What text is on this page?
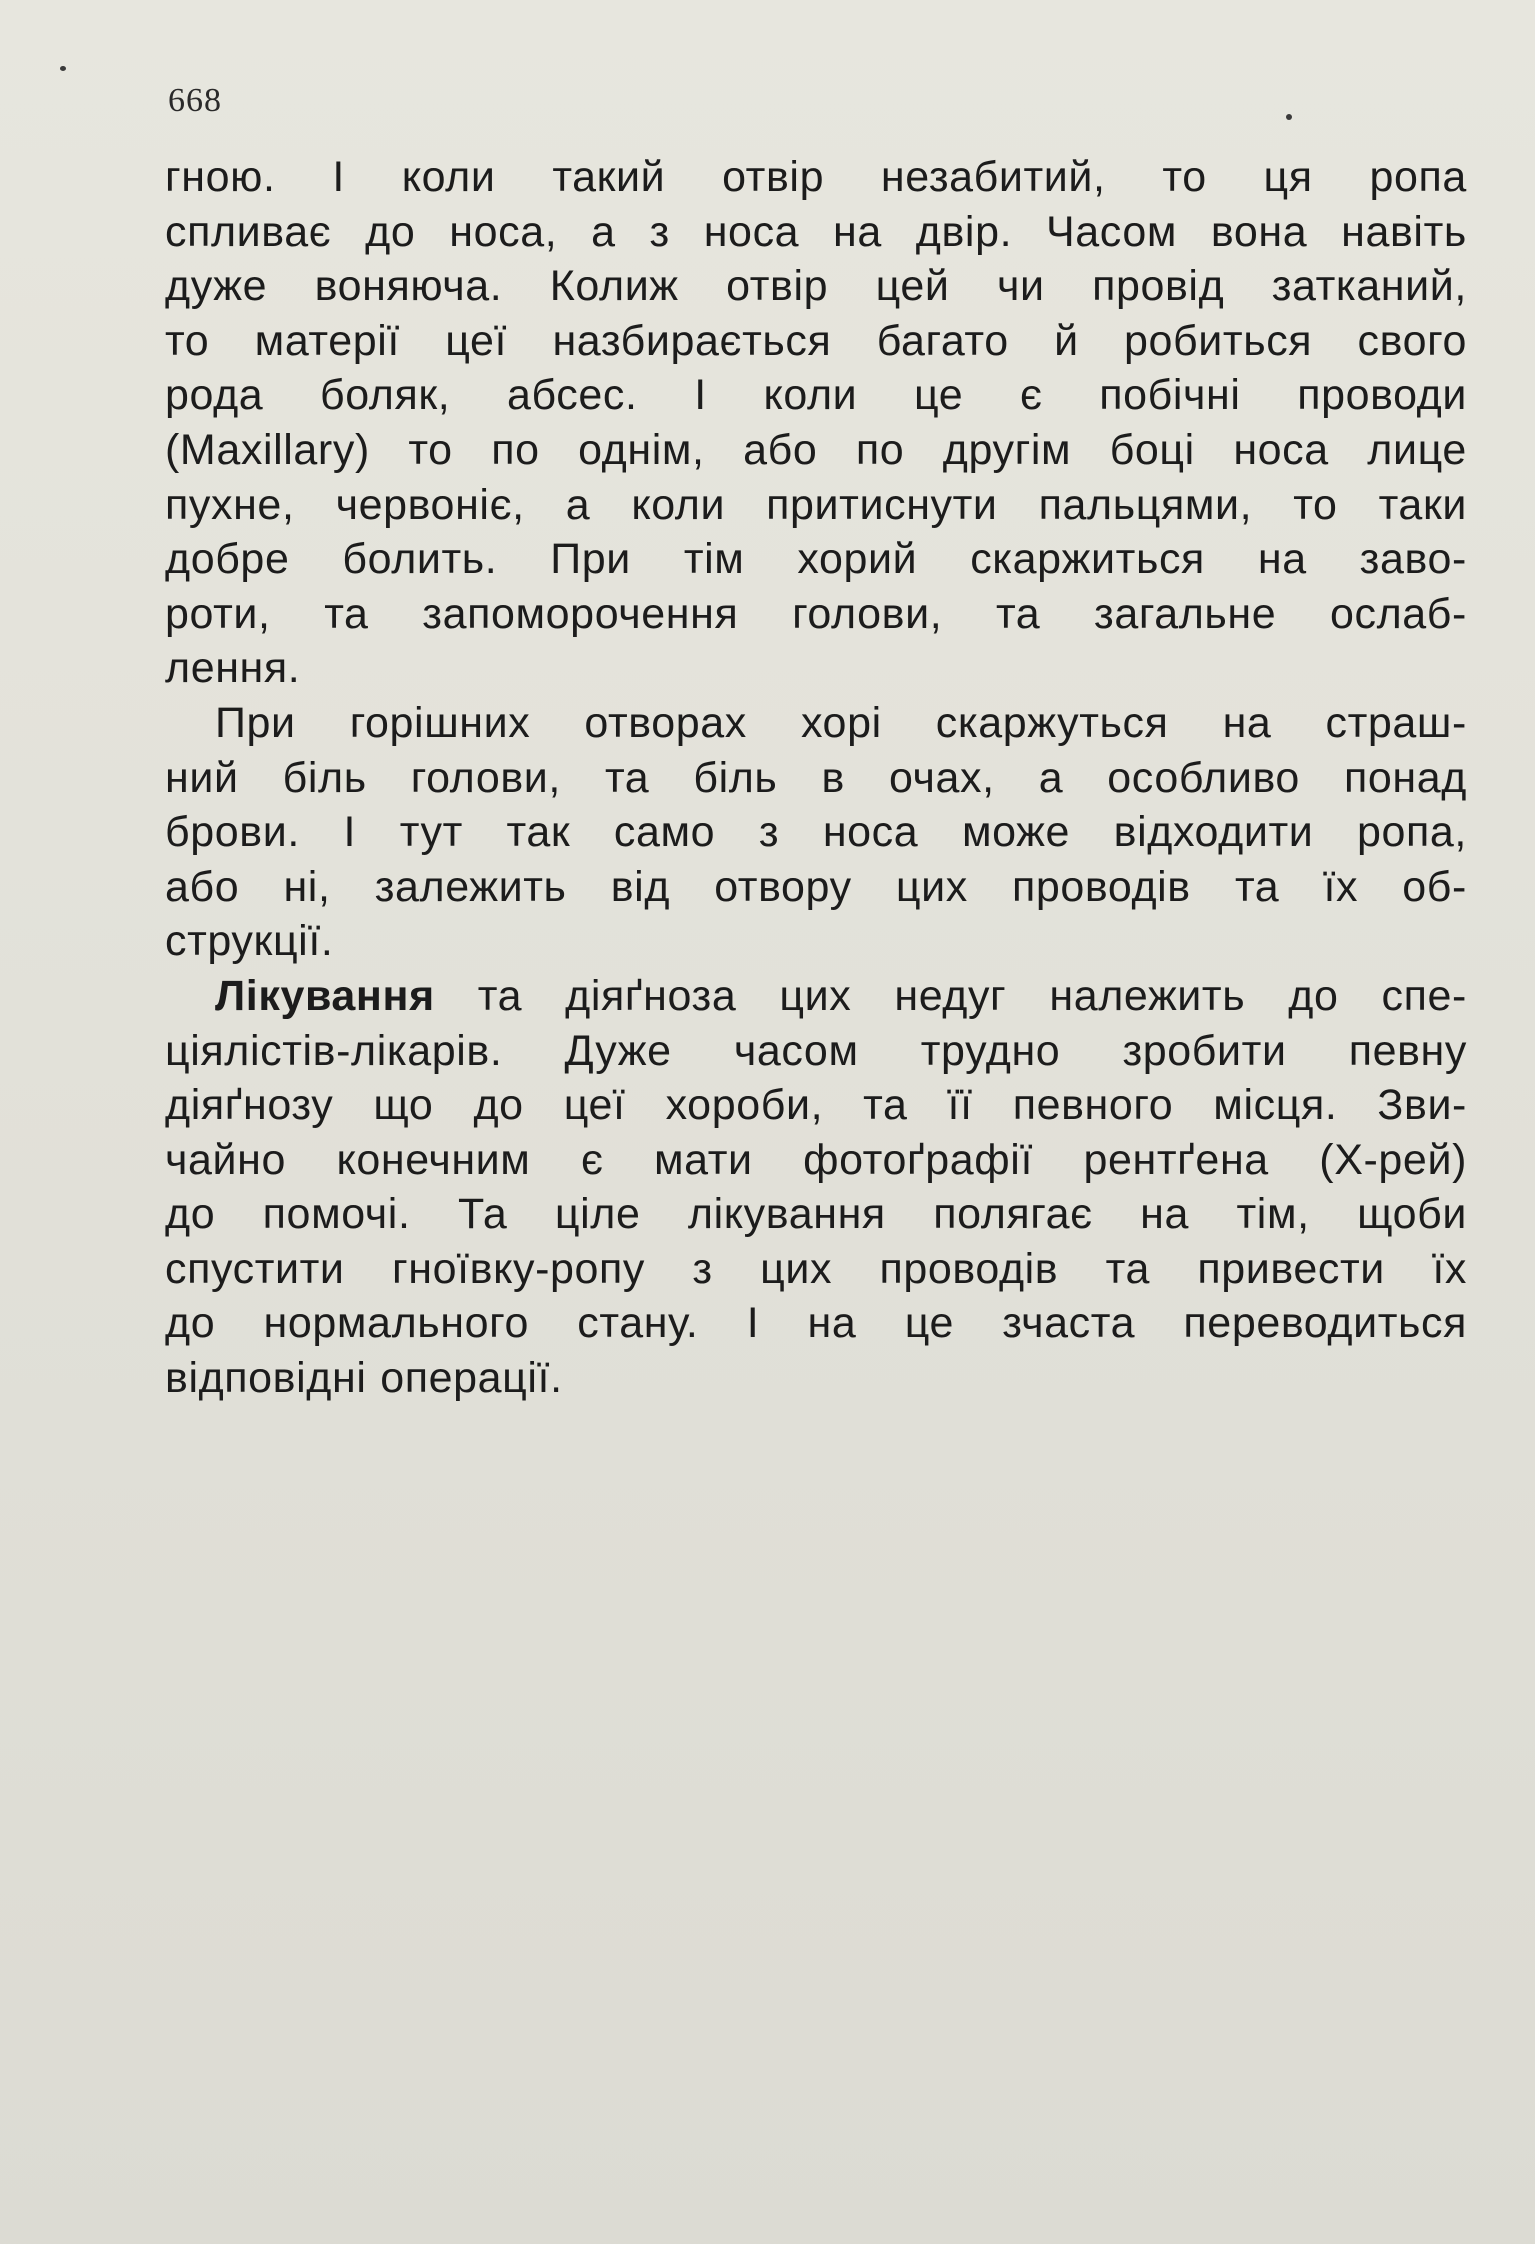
668
гною. І коли такий отвір незабитий, то ця ропа
спливає до носа, а з носа на двір. Часом вона навіть
дуже воняюча. Колиж отвір цей чи провід затканий,
то матерії цеї назбирається багато й робиться свого
рода боляк, абсес. І коли це є побічні проводи
(Maxillary) то по однім, або по другім боці носа лице
пухне, червоніє, а коли притиснути пальцями, то таки
добре болить. При тім хорий скаржиться на заво-
роти, та запоморочення голови, та загальне ослаб-
лення.
При горішних отворах хорі скаржуться на страш-
ний біль голови, та біль в очах, а особливо понад
брови. І тут так само з носа може відходити ропа,
або ні, залежить від отвору цих проводів та їх об-
струкції.
Лікування та діяґноза цих недуг належить до спе-
ціялістів-лікарів. Дуже часом трудно зробити певну
діяґнозу що до цеї хороби, та її певного місця. Зви-
чайно конечним є мати фотоґрафії рентґена (X-рей)
до помочі. Та ціле лікування полягає на тім, щоби
спустити гноївку-ропу з цих проводів та привести їх
до нормального стану. І на це зчаста переводиться
відповідні операції.
